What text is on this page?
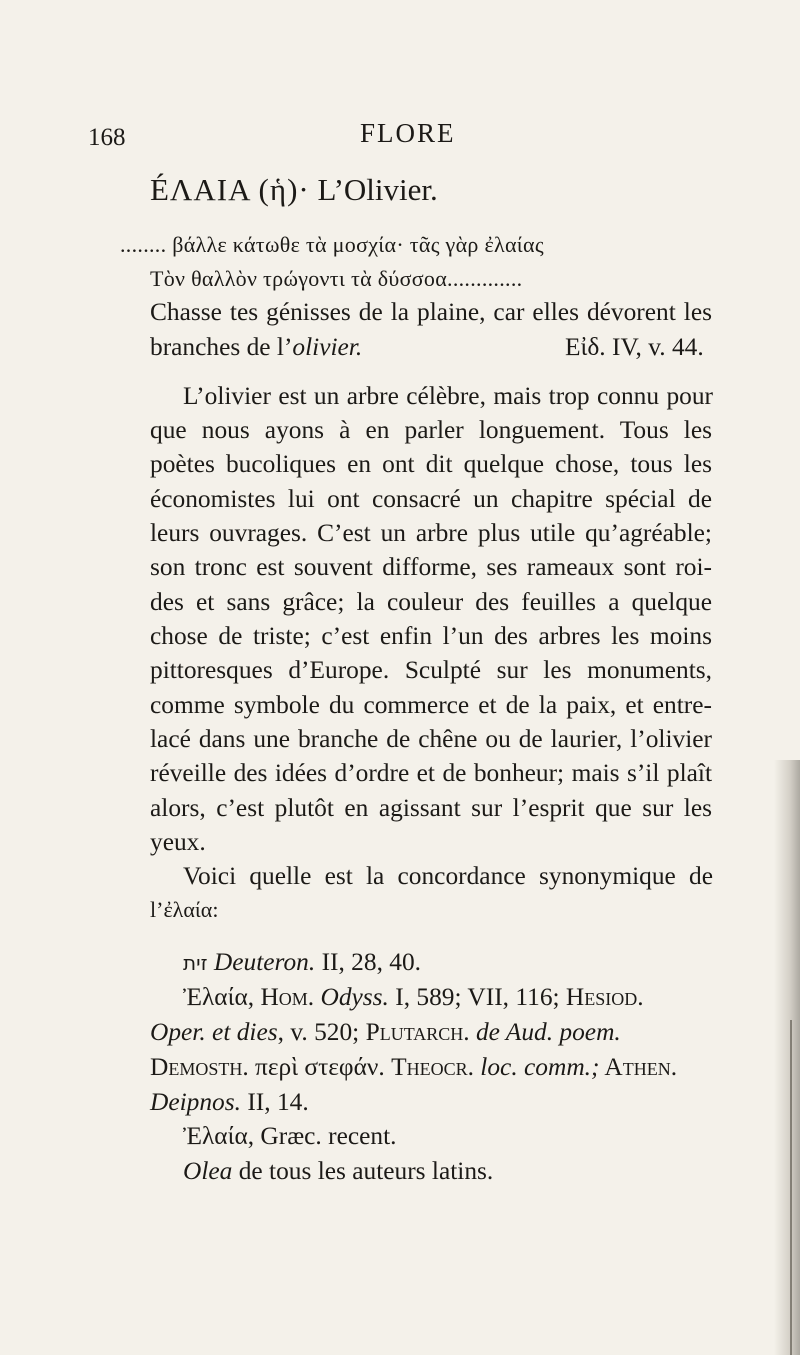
168	FLORE
ÉΛΑΙΑ (ἡ)· L’Olivier.
........ βάλλε κάτωθε τὰ μοσχία· τᾶς γὰρ ἐλαίας
Τὸν θαλλὸν τρώγοντι τὰ δύσσοα.............
Chasse tes génisses de la plaine, car elles dévorent les
branches de l’olivier.	Εἰδ. IV, v. 44.
L’olivier est un arbre célèbre, mais trop connu pour
que nous ayons à en parler longuement. Tous les
poètes bucoliques en ont dit quelque chose, tous les
économistes lui ont consacré un chapitre spécial de
leurs ouvrages. C’est un arbre plus utile qu’agréable;
son tronc est souvent difforme, ses rameaux sont roi-
des et sans grâce; la couleur des feuilles a quelque
chose de triste; c’est enfin l’un des arbres les moins
pittoresques d’Europe. Sculpté sur les monuments,
comme symbole du commerce et de la paix, et entre-
lacé dans une branche de chêne ou de laurier, l’olivier
réveille des idées d’ordre et de bonheur; mais s’il plaît
alors, c’est plutôt en agissant sur l’esprit que sur les
yeux.
Voici quelle est la concordance synonymique de
l’ἐλαία:
זית Deuteron. II, 28, 40.
Ἐλαία, Hom. Odyss. I, 589; VII, 116; Hesiod.
Oper. et dies, v. 520; Plutarch. de Aud. poem.
Demosth. περὶ στεφάν. Theocr. loc. comm.; Athen.
Deipnos. II, 14.
Ἐλαία, Græc. recent.
Olea de tous les auteurs latins.
